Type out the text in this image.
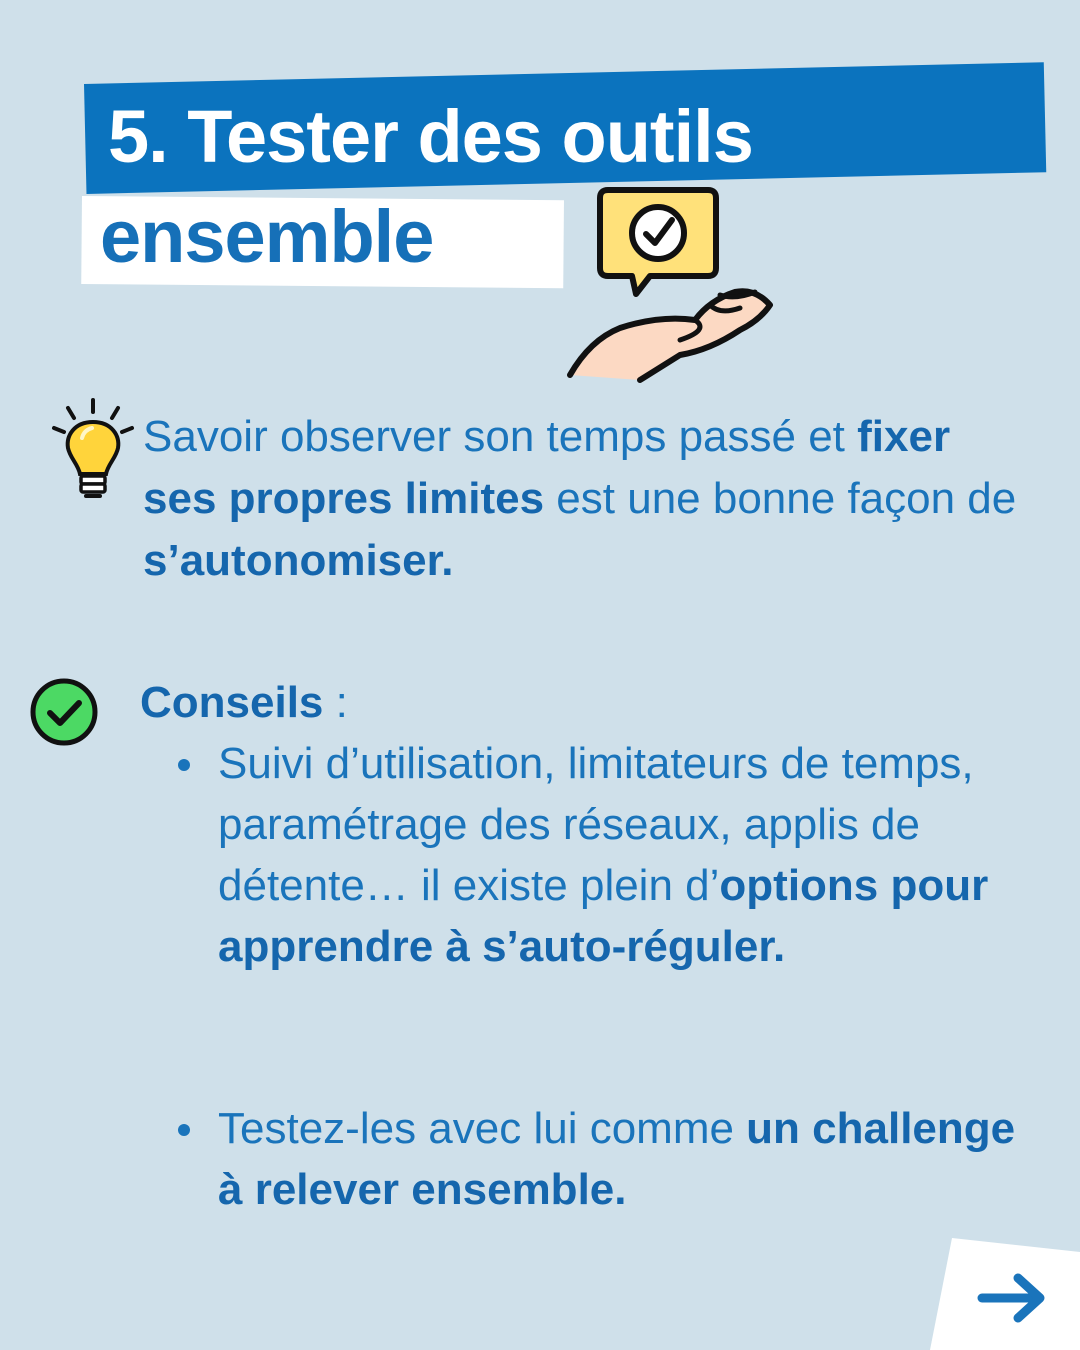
5. Tester des outils
ensemble
Savoir observer son temps passé et fixer ses propres limites est une bonne façon de s’autonomiser.
Conseils :
Suivi d’utilisation, limitateurs de temps, paramétrage des réseaux, applis de détente… il existe plein d’options pour apprendre à s’auto-réguler.
Testez-les avec lui comme un challenge à relever ensemble.
